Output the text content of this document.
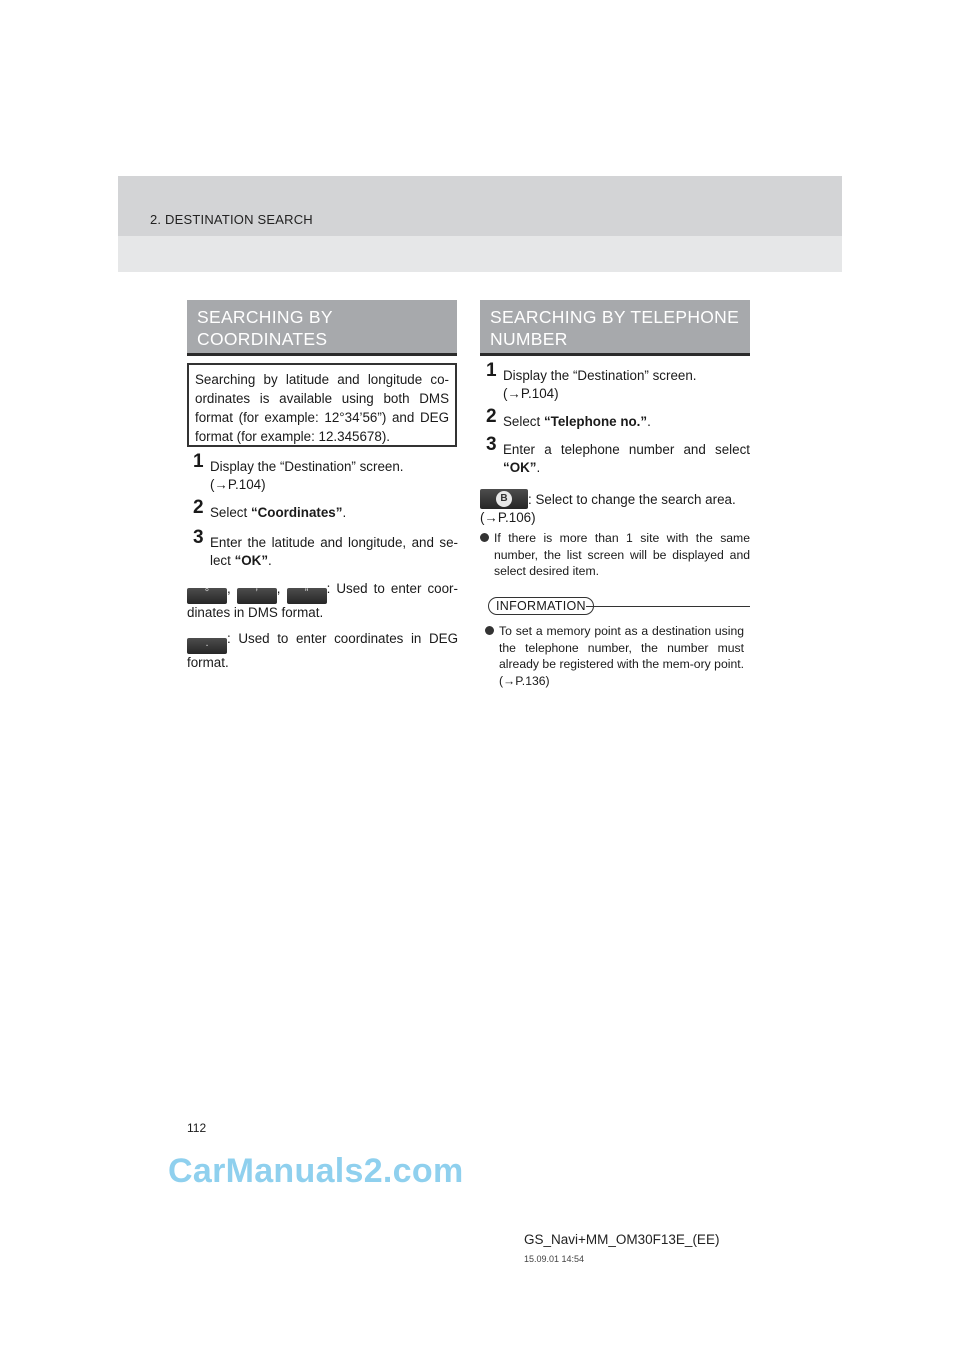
2. DESTINATION SEARCH
SEARCHING BY
COORDINATES
Searching by latitude and longitude co-ordinates is available using both DMS format (for example: 12°34’56”) and DEG format (for example: 12.345678).
1 Display the “Destination” screen.
(→P.104)
2 Select “Coordinates”.
3 Enter the latitude and longitude, and se-lect “OK”.
° , ’ , ” : Used to enter coor-dinates in DMS format.
. : Used to enter coordinates in DEG format.
SEARCHING BY TELEPHONE
NUMBER
1 Display the “Destination” screen.
(→P.104)
2 Select “Telephone no.”.
3 Enter a telephone number and select “OK”.
B	: Select to change the search area.
(→P.106)
If there is more than 1 site with the same number, the list screen will be displayed and select desired item.
INFORMATION
To set a memory point as a destination using the telephone number, the number must already be registered with the mem-ory point. (→P.136)
112
CarManuals2.com
GS_Navi+MM_OM30F13E_(EE)
15.09.01 14:54
